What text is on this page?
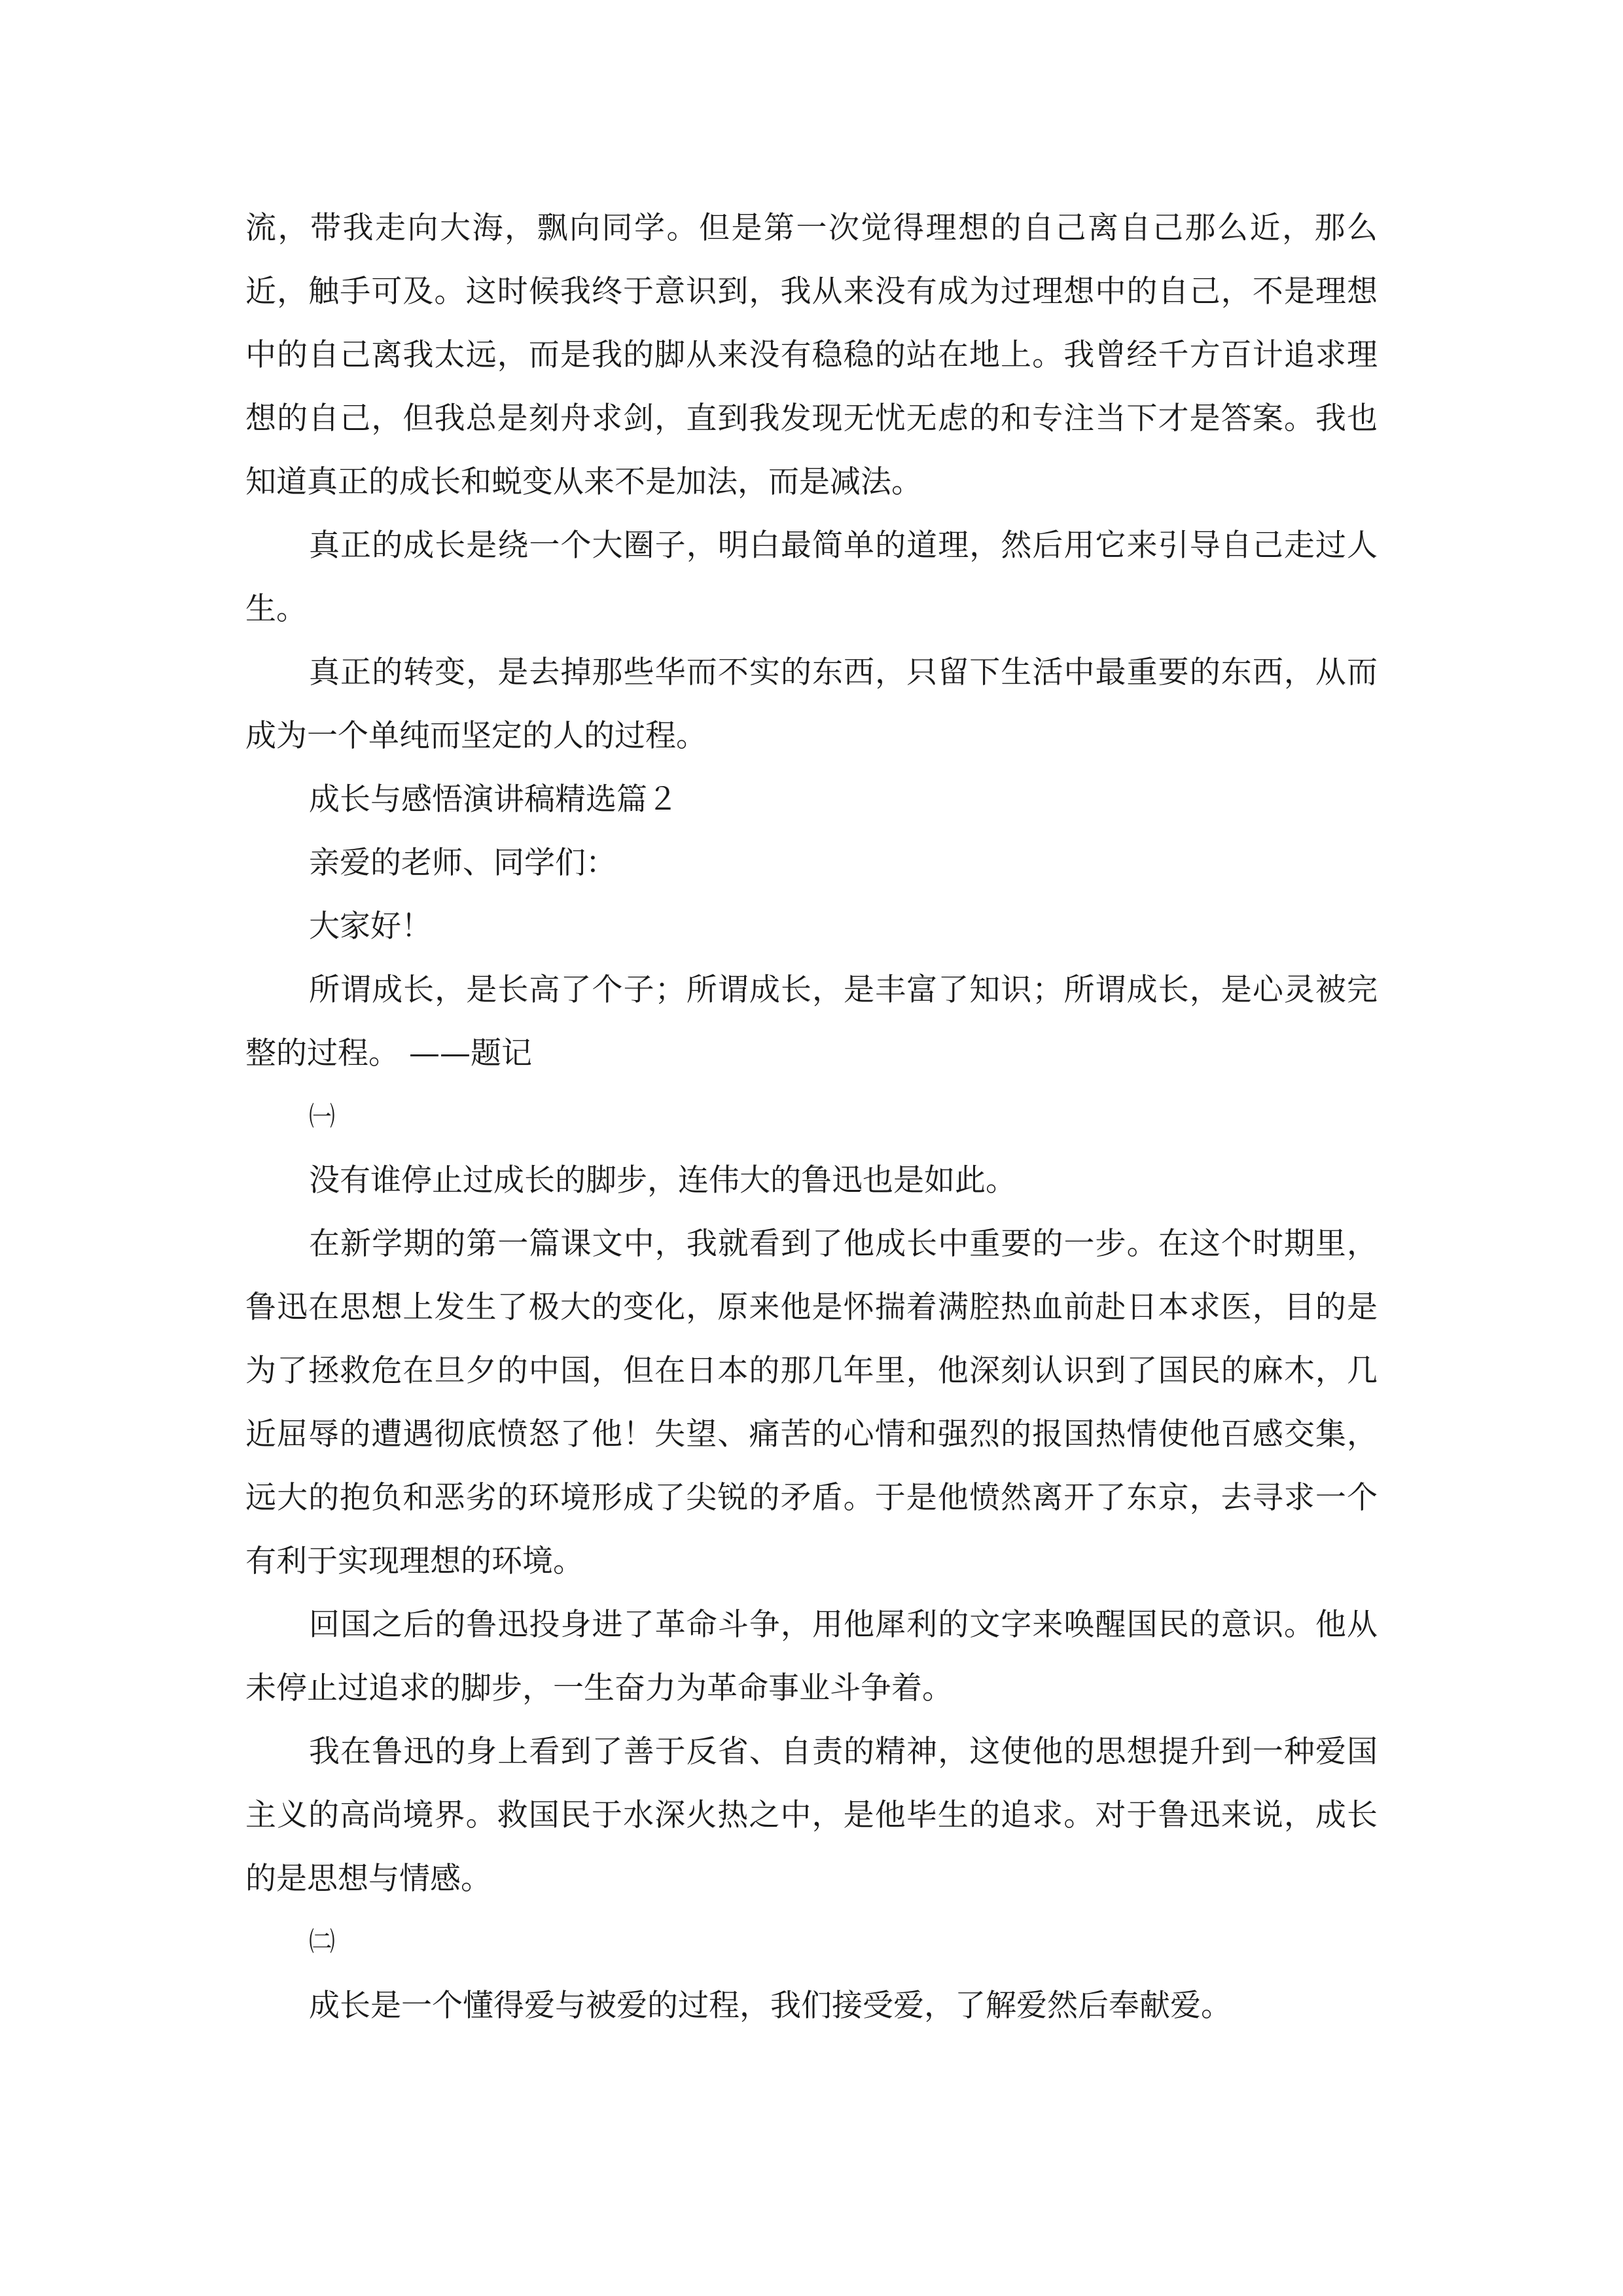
流，带我走向大海，飘向同学。但是第一次觉得理想的自己离自己那么近，那么近，触手可及。这时候我终于意识到，我从来没有成为过理想中的自己，不是理想中的自己离我太远，而是我的脚从来没有稳稳的站在地上。我曾经千方百计追求理想的自己，但我总是刻舟求剑，直到我发现无忧无虑的和专注当下才是答案。我也知道真正的成长和蜕变从来不是加法，而是减法。

真正的成长是绕一个大圈子，明白最简单的道理，然后用它来引导自己走过人生。

真正的转变，是去掉那些华而不实的东西，只留下生活中最重要的东西，从而成为一个单纯而坚定的人的过程。

成长与感悟演讲稿精选篇２

亲爱的老师、同学们：

大家好！

所谓成长，是长高了个子；所谓成长，是丰富了知识；所谓成长，是心灵被完整的过程。 ——题记

㈠

没有谁停止过成长的脚步，连伟大的鲁迅也是如此。

在新学期的第一篇课文中，我就看到了他成长中重要的一步。在这个时期里，鲁迅在思想上发生了极大的变化，原来他是怀揣着满腔热血前赴日本求医，目的是为了拯救危在旦夕的中国，但在日本的那几年里，他深刻认识到了国民的麻木，几近屈辱的遭遇彻底愤怒了他！失望、痛苦的心情和强烈的报国热情使他百感交集，远大的抱负和恶劣的环境形成了尖锐的矛盾。于是他愤然离开了东京，去寻求一个有利于实现理想的环境。

回国之后的鲁迅投身进了革命斗争，用他犀利的文字来唤醒国民的意识。他从未停止过追求的脚步，一生奋力为革命事业斗争着。

我在鲁迅的身上看到了善于反省、自责的精神，这使他的思想提升到一种爱国主义的高尚境界。救国民于水深火热之中，是他毕生的追求。对于鲁迅来说，成长的是思想与情感。

㈡

成长是一个懂得爱与被爱的过程，我们接受爱，了解爱然后奉献爱。
